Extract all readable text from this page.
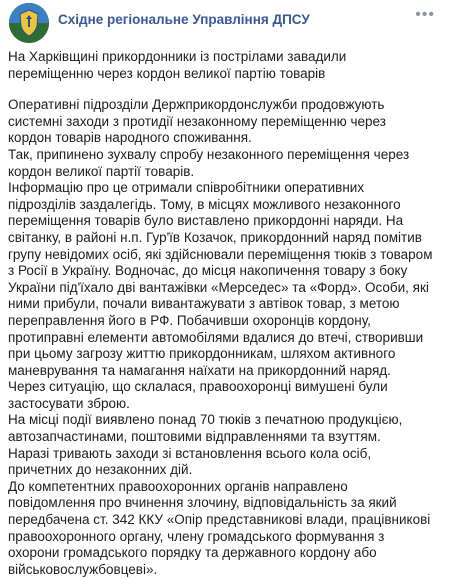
Східне регіональне Управління ДПСУ	•••

На Харківщині прикордонники із пострілами завадили переміщенню через кордон великої партію товарів

Оперативні підрозділи Держприкордонслужби продовжують системні заходи з протидії незаконному переміщенню через кордон товарів народного споживання.

Так, припинено зухвалу спробу незаконного переміщення через кордон великої партії товарів.

Інформацію про це отримали співробітники оперативних підрозділів заздалегідь. Тому, в місцях можливого незаконного переміщення товарів було виставлено прикордонні наряди. На світанку, в районі н.п. Гур'їв Козачок, прикордонний наряд помітив групу невідомих осіб, які здійснювали переміщення тюків з товаром з Росії в Україну. Водночас, до місця накопичення товару з боку України під'їхало дві вантажівки «Мерседес» та «Форд». Особи, які ними прибули, почали вивантажувати з автівок товар, з метою переправлення його в РФ. Побачивши охоронців кордону, протиправні елементи автомобілями вдалися до втечі, створивши при цьому загрозу життю прикордонникам, шляхом активного маневрування та намагання наїхати на прикордонний наряд.

Через ситуацію, що склалася, правоохоронці вимушені були застосувати зброю.

На місці події виявлено понад 70 тюків з печатною продукцією, автозапчастинами, поштовими відправленнями та взуттям.

Наразі тривають заходи зі встановлення всього кола осіб, причетних до незаконних дій.

До компетентних правоохоронних органів направлено повідомлення про вчинення злочину, відповідальність за який передбачена ст. 342 ККУ «Опір представникові влади, працівникові правоохоронного органу, члену громадського формування з охорони громадського порядку та державного кордону або військовослужбовцеві».
